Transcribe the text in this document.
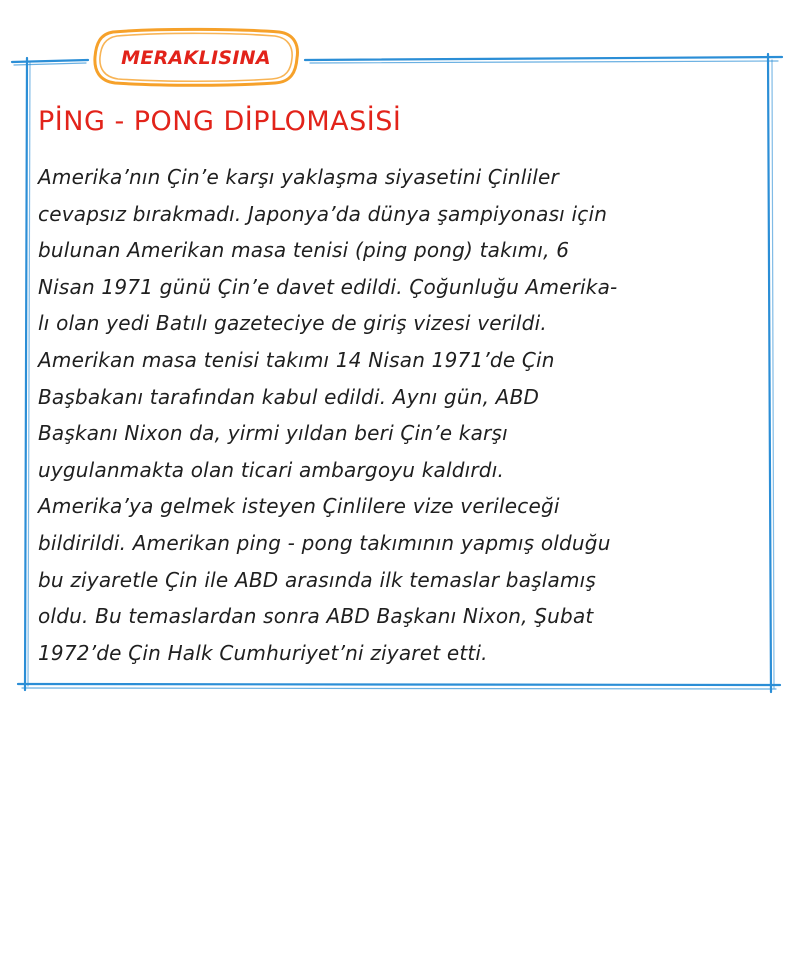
MERAKLISINA
PİNG - PONG DİPLOMASİSİ
Amerika’nın Çin’e karşı yaklaşma siyasetini Çinliler
cevapsız bırakmadı. Japonya’da dünya şampiyonası için
bulunan Amerikan masa tenisi (ping pong) takımı, 6
Nisan 1971 günü Çin’e davet edildi. Çoğunluğu Amerika-
lı olan yedi Batılı gazeteciye de giriş vizesi verildi.
Amerikan masa tenisi takımı 14 Nisan 1971’de Çin
Başbakanı tarafından kabul edildi. Aynı gün, ABD
Başkanı Nixon da, yirmi yıldan beri Çin’e karşı
uygulanmakta olan ticari ambargoyu kaldırdı.
Amerika’ya gelmek isteyen Çinlilere vize verileceği
bildirildi. Amerikan ping - pong takımının yapmış olduğu
bu ziyaretle Çin ile ABD arasında ilk temaslar başlamış
oldu. Bu temaslardan sonra ABD Başkanı Nixon, Şubat
1972’de Çin Halk Cumhuriyet’ni ziyaret etti.
